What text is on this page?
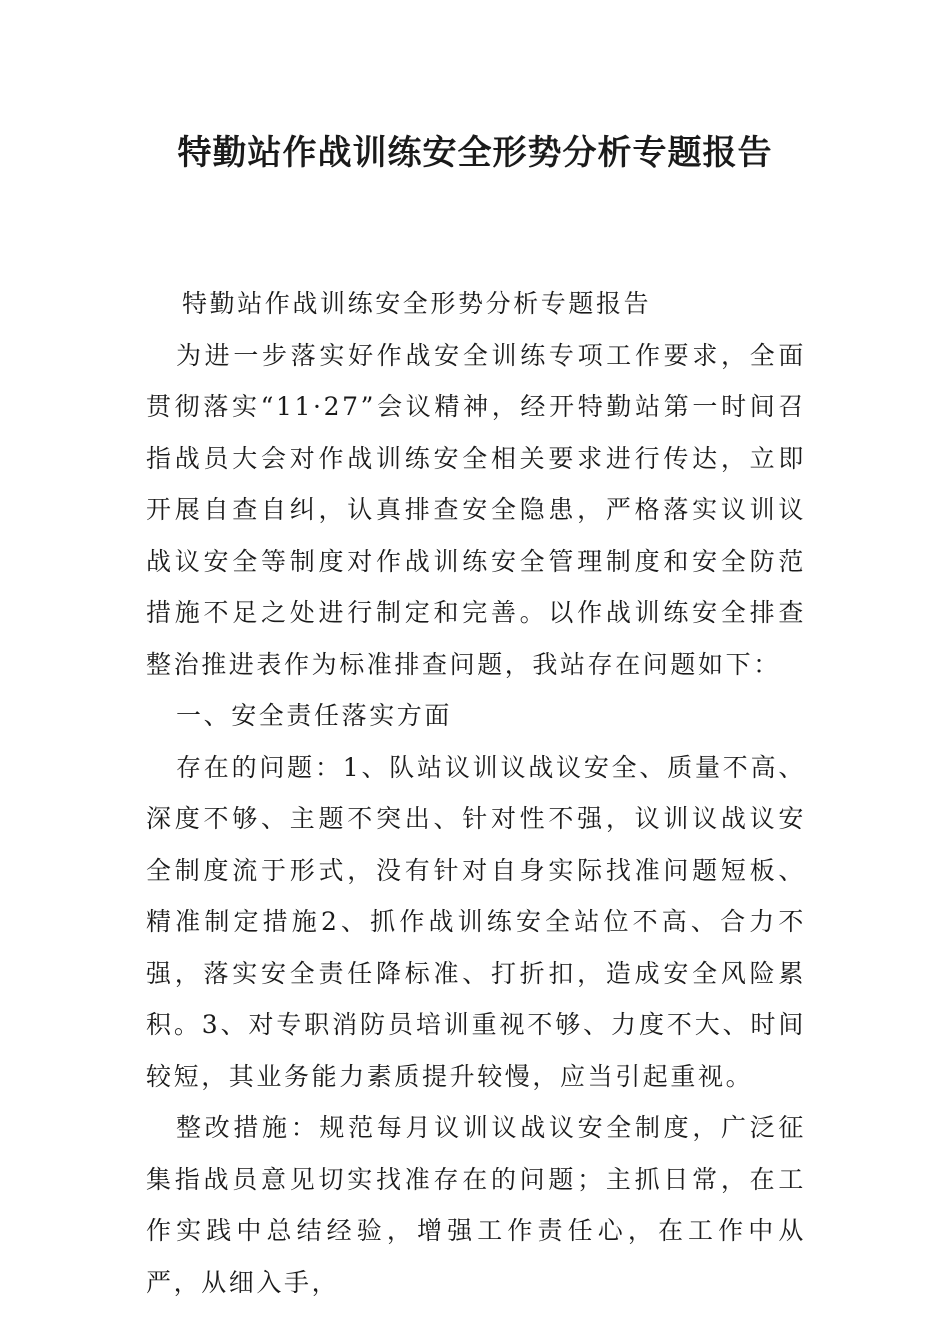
特勤站作战训练安全形势分析专题报告

特勤站作战训练安全形势分析专题报告

为进一步落实好作战安全训练专项工作要求，全面贯彻落实“11·27”会议精神，经开特勤站第一时间召指战员大会对作战训练安全相关要求进行传达，立即开展自查自纠，认真排查安全隐患，严格落实议训议战议安全等制度对作战训练安全管理制度和安全防范措施不足之处进行制定和完善。以作战训练安全排查整治推进表作为标准排查问题，我站存在问题如下：

一、安全责任落实方面

存在的问题：1、队站议训议战议安全、质量不高、深度不够、主题不突出、针对性不强，议训议战议安全制度流于形式，没有针对自身实际找准问题短板、精准制定措施2、抓作战训练安全站位不高、合力不强，落实安全责任降标准、打折扣，造成安全风险累积。3、对专职消防员培训重视不够、力度不大、时间较短，其业务能力素质提升较慢，应当引起重视。

整改措施：规范每月议训议战议安全制度，广泛征集指战员意见切实找准存在的问题；主抓日常，在工作实践中总结经验，增强工作责任心，在工作中从严，从细入手，
